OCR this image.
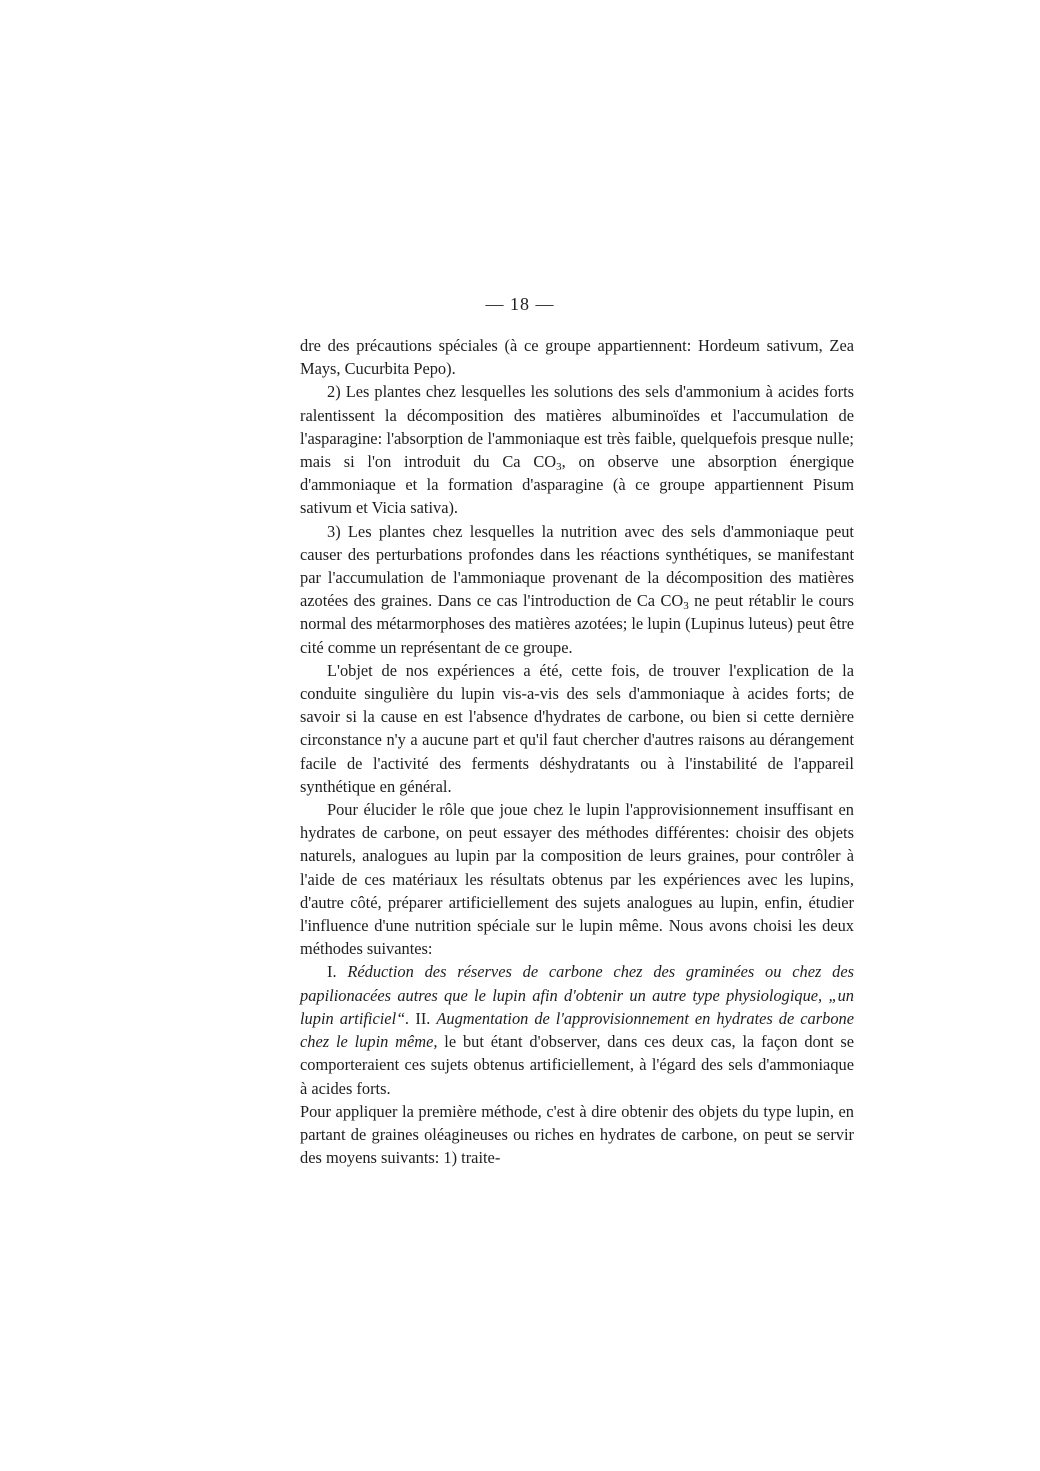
— 18 —

dre des précautions spéciales (à ce groupe appartiennent: Hordeum sativum, Zea Mays, Cucurbita Pepo).

2) Les plantes chez lesquelles les solutions des sels d'ammonium à acides forts ralentissent la décomposition des matières albuminoïdes et l'accumulation de l'asparagine: l'absorption de l'ammoniaque est très faible, quelquefois presque nulle; mais si l'on introduit du Ca $CO_3$, on observe une absorption énergique d'ammoniaque et la formation d'asparagine (à ce groupe appartiennent Pisum sativum et Vicia sativa).

3) Les plantes chez lesquelles la nutrition avec des sels d'ammoniaque peut causer des perturbations profondes dans les réactions synthétiques, se manifestant par l'accumulation de l'ammoniaque provenant de la décomposition des matières azotées des graines. Dans ce cas l'introduction de Ca $CO_3$ ne peut rétablir le cours normal des métarmorphoses des matières azotées; le lupin (Lupinus luteus) peut être cité comme un représentant de ce groupe.

L'objet de nos expériences a été, cette fois, de trouver l'explication de la conduite singulière du lupin vis-a-vis des sels d'ammoniaque à acides forts; de savoir si la cause en est l'absence d'hydrates de carbone, ou bien si cette dernière circonstance n'y a aucune part et qu'il faut chercher d'autres raisons au dérangement facile de l'activité des ferments déshydratants ou à l'instabilité de l'appareil synthétique en général.

Pour élucider le rôle que joue chez le lupin l'approvisionnement insuffisant en hydrates de carbone, on peut essayer des méthodes différentes: choisir des objets naturels, analogues au lupin par la composition de leurs graines, pour contrôler à l'aide de ces matériaux les résultats obtenus par les expériences avec les lupins, d'autre côté, préparer artificiellement des sujets analogues au lupin, enfin, étudier l'influence d'une nutrition spéciale sur le lupin même. Nous avons choisi les deux méthodes suivantes:

I. Réduction des réserves de carbone chez des graminées ou chez des papilionacées autres que le lupin afin d'obtenir un autre type physiologique, „un lupin artificiel“. II. Augmentation de l'approvisionnement en hydrates de carbone chez le lupin même, le but étant d'observer, dans ces deux cas, la façon dont se comporteraient ces sujets obtenus artificiellement, à l'égard des sels d'ammoniaque à acides forts.

Pour appliquer la première méthode, c'est à dire obtenir des objets du type lupin, en partant de graines oléagineuses ou riches en hydrates de carbone, on peut se servir des moyens suivants: 1) traite-
